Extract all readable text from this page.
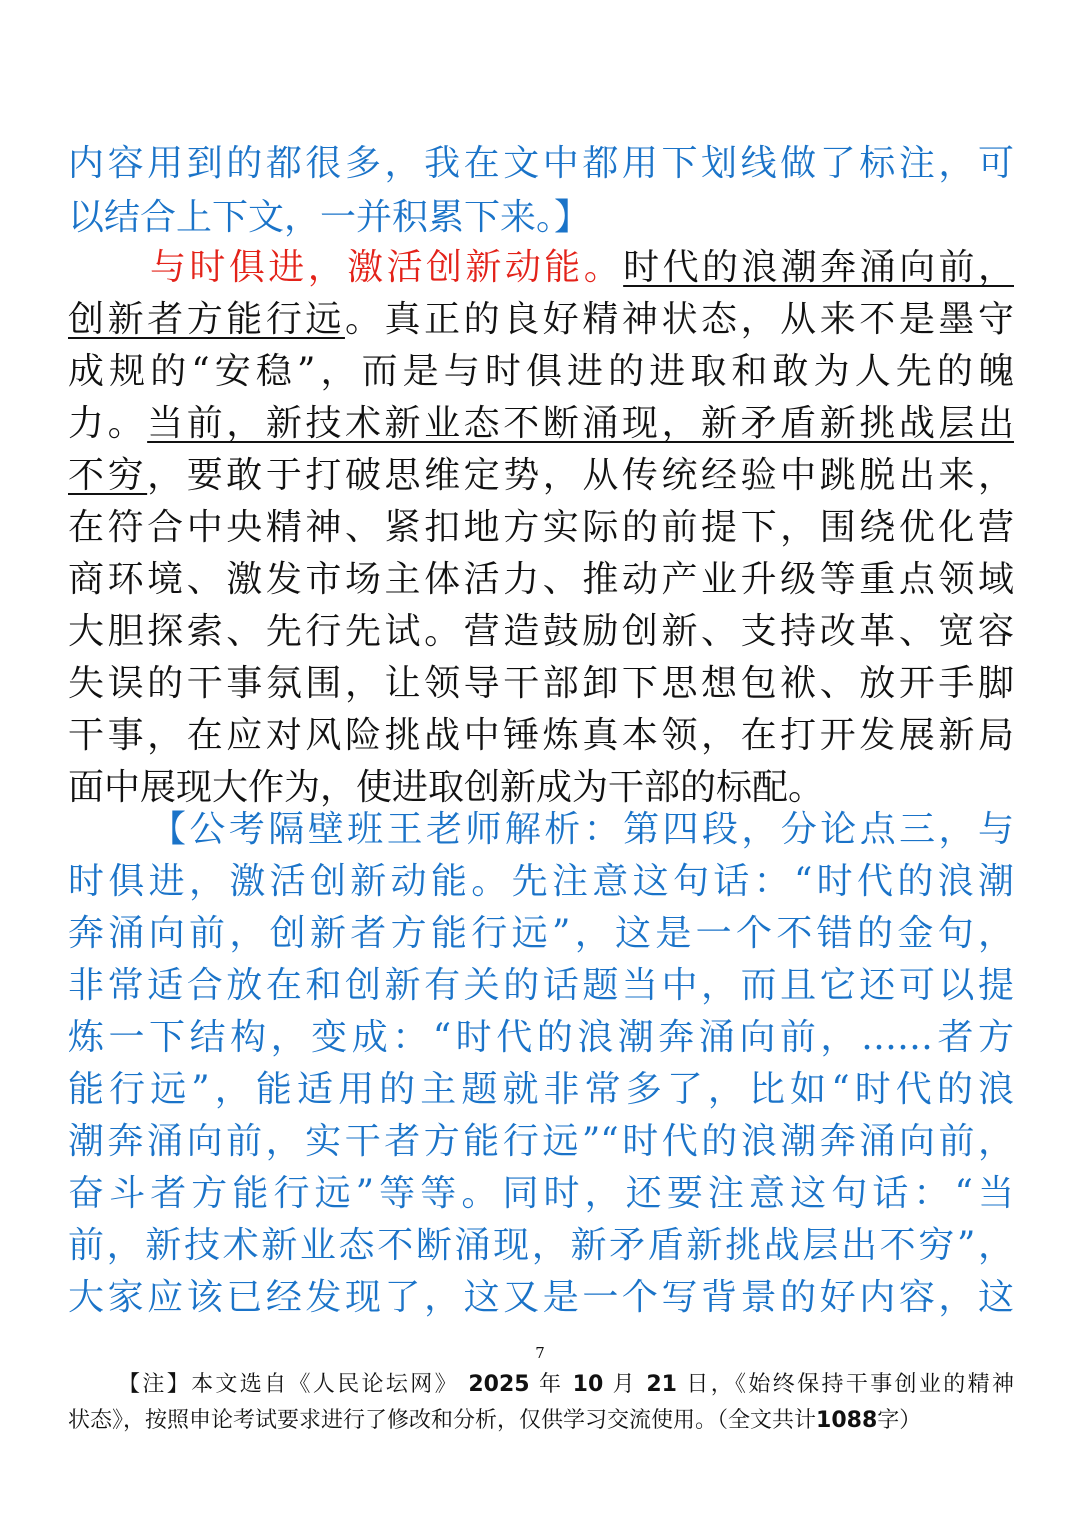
内容用到的都很多，我在文中都用下划线做了标注，可
以结合上下文，一并积累下来。】
与时俱进，激活创新动能。时代的浪潮奔涌向前，
创新者方能行远。真正的良好精神状态，从来不是墨守
成规的“安稳”，而是与时俱进的进取和敢为人先的魄
力。当前，新技术新业态不断涌现，新矛盾新挑战层出
不穷，要敢于打破思维定势，从传统经验中跳脱出来，
在符合中央精神、紧扣地方实际的前提下，围绕优化营
商环境、激发市场主体活力、推动产业升级等重点领域
大胆探索、先行先试。营造鼓励创新、支持改革、宽容
失误的干事氛围，让领导干部卸下思想包袱、放开手脚
干事，在应对风险挑战中锤炼真本领，在打开发展新局
面中展现大作为，使进取创新成为干部的标配。
【公考隔壁班王老师解析：第四段，分论点三，与
时俱进，激活创新动能。先注意这句话：“时代的浪潮
奔涌向前，创新者方能行远”，这是一个不错的金句，
非常适合放在和创新有关的话题当中，而且它还可以提
炼一下结构，变成：“时代的浪潮奔涌向前，……者方
能行远”，能适用的主题就非常多了，比如“时代的浪
潮奔涌向前，实干者方能行远”“时代的浪潮奔涌向前，
奋斗者方能行远”等等。同时，还要注意这句话：“当
前，新技术新业态不断涌现，新矛盾新挑战层出不穷”，
大家应该已经发现了，这又是一个写背景的好内容，这
7
【注】本文选自《人民论坛网》 2025 年 10 月 21 日，《始终保持干事创业的精神
状态》，按照申论考试要求进行了修改和分析，仅供学习交流使用。（全文共计1088字）
